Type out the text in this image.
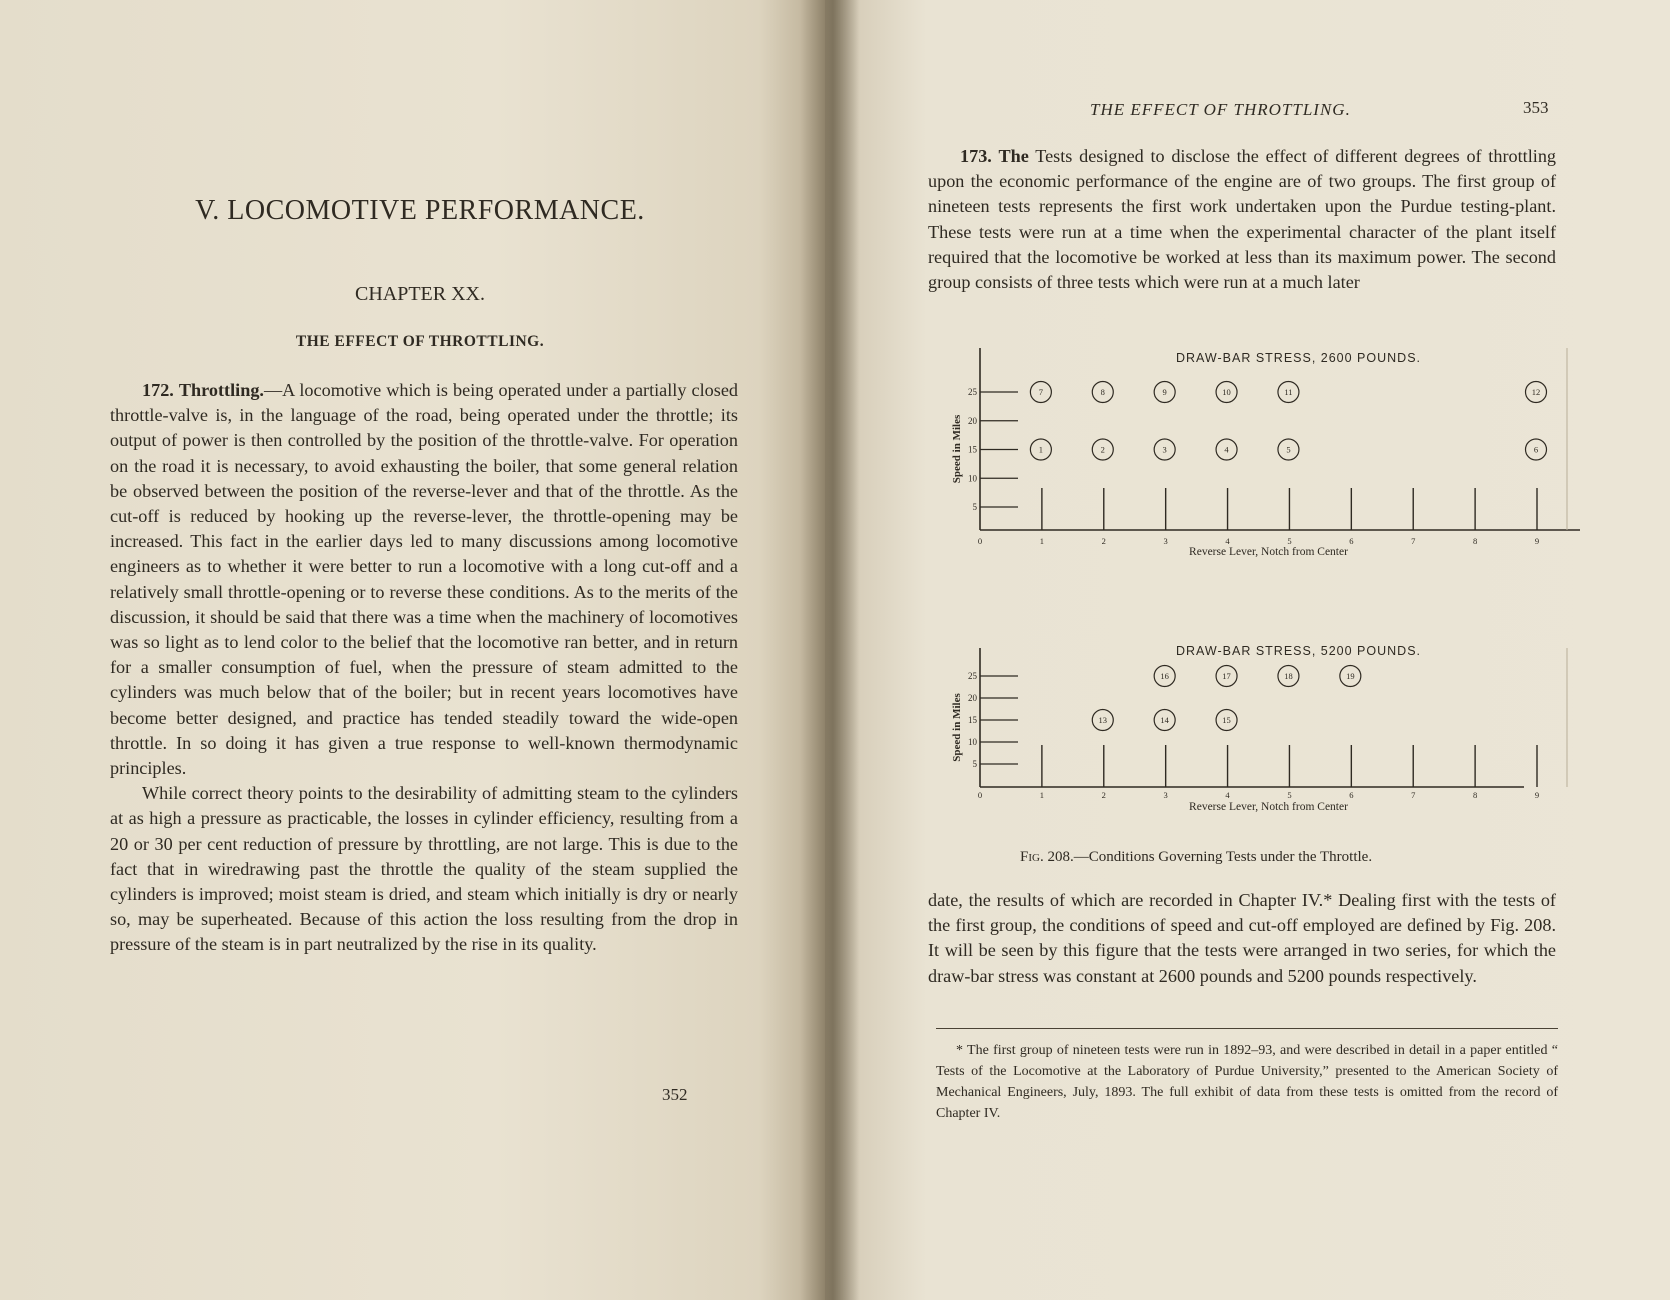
V. LOCOMOTIVE PERFORMANCE.
CHAPTER XX.
THE EFFECT OF THROTTLING.

172. Throttling.—A locomotive which is being operated under a partially closed throttle-valve is, in the language of the road, being operated under the throttle; its output of power is then controlled by the position of the throttle-valve. For operation on the road it is necessary, to avoid exhausting the boiler, that some general relation be observed between the position of the reverse-lever and that of the throttle. As the cut-off is reduced by hooking up the reverse-lever, the throttle-opening may be increased. This fact in the earlier days led to many discussions among locomotive engineers as to whether it were better to run a locomotive with a long cut-off and a relatively small throttle-opening or to reverse these conditions. As to the merits of the discussion, it should be said that there was a time when the machinery of locomotives was so light as to lend color to the belief that the locomotive ran better, and in return for a smaller consumption of fuel, when the pressure of steam admitted to the cylinders was much below that of the boiler; but in recent years locomotives have become better designed, and practice has tended steadily toward the wide-open throttle. In so doing it has given a true response to well-known thermodynamic principles.

While correct theory points to the desirability of admitting steam to the cylinders at as high a pressure as practicable, the losses in cylinder efficiency, resulting from a 20 or 30 per cent reduction of pressure by throttling, are not large. This is due to the fact that in wiredrawing past the throttle the quality of the steam supplied the cylinders is improved; moist steam is dried, and steam which initially is dry or nearly so, may be superheated. Because of this action the loss resulting from the drop in pressure of the steam is in part neutralized by the rise in its quality.

352
THE EFFECT OF THROTTLING.	353

173. The Tests designed to disclose the effect of different degrees of throttling upon the economic performance of the engine are of two groups. The first group of nineteen tests represents the first work undertaken upon the Purdue testing-plant. These tests were run at a time when the experimental character of the plant itself required that the locomotive be worked at less than its maximum power. The second group consists of three tests which were run at a much later

DRAW-BAR STRESS, 2600 POUNDS.
5
10
15
20
25
Speed in Miles
0	1	2	3	4	5	6	7	8	9
Reverse Lever, Notch from Center
1	2	3	4	5	6
7	8	9	10	11	12
DRAW-BAR STRESS, 5200 POUNDS.
5
10
15
20
25
Speed in Miles
0	1	2	3	4	5	6	7	8	9
Reverse Lever, Notch from Center
13	14	15
16	17	18	19
Fig. 208.—Conditions Governing Tests under the Throttle.

date, the results of which are recorded in Chapter IV.* Dealing first with the tests of the first group, the conditions of speed and cut-off employed are defined by Fig. 208. It will be seen by this figure that the tests were arranged in two series, for which the draw-bar stress was constant at 2600 pounds and 5200 pounds respectively.

* The first group of nineteen tests were run in 1892–93, and were described in detail in a paper entitled “ Tests of the Locomotive at the Laboratory of Purdue University,” presented to the American Society of Mechanical Engineers, July, 1893. The full exhibit of data from these tests is omitted from the record of Chapter IV.
